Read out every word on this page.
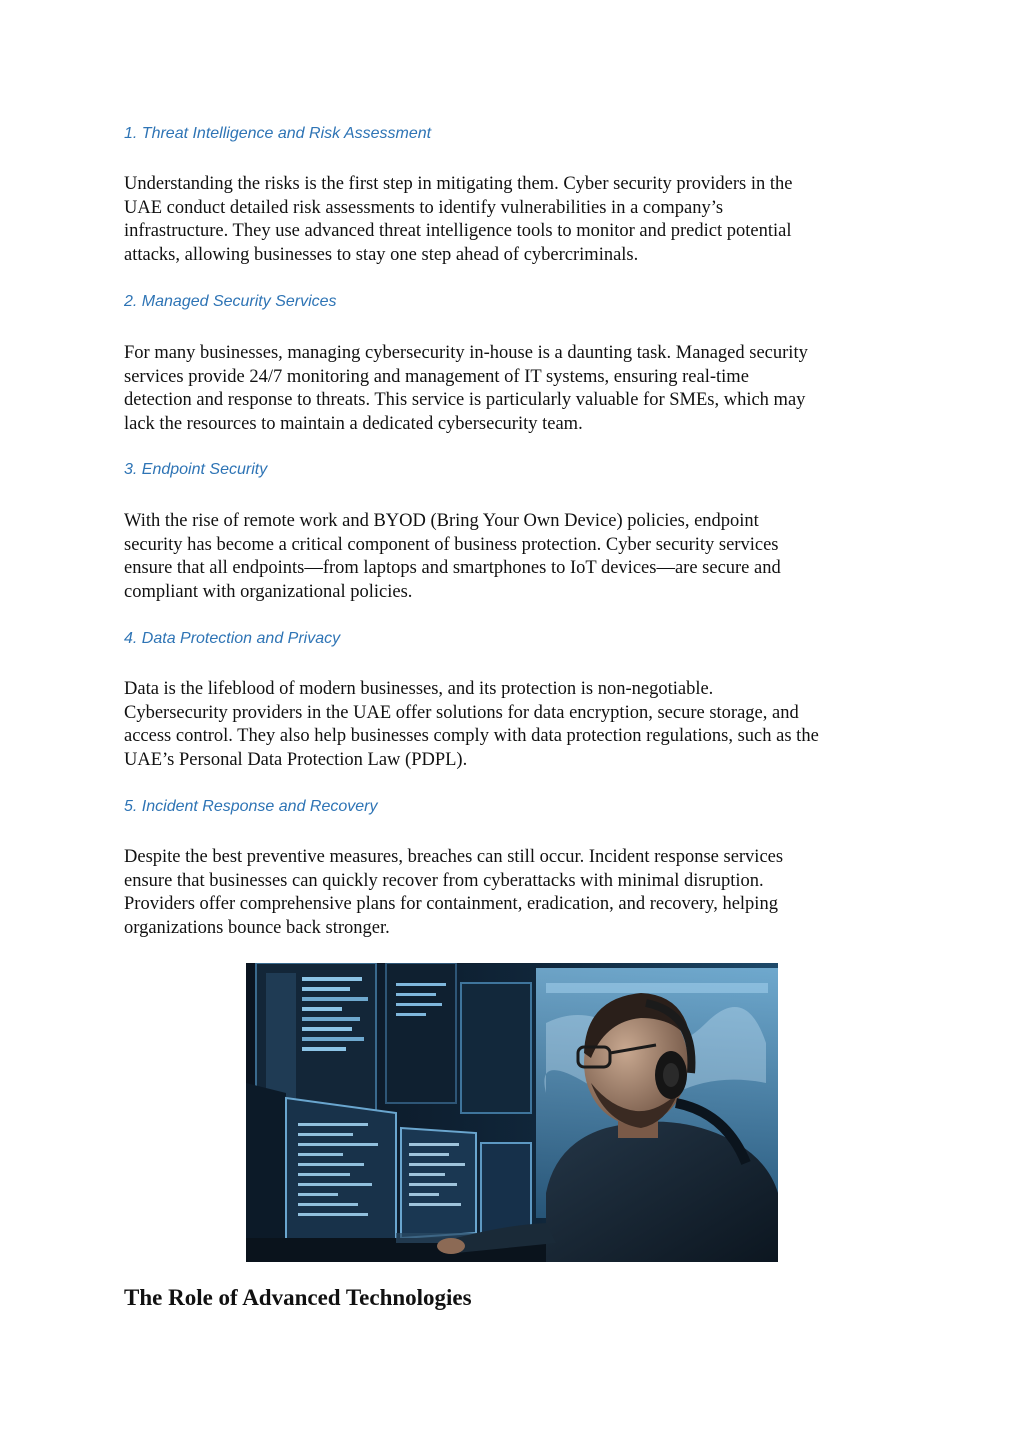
1. Threat Intelligence and Risk Assessment

Understanding the risks is the first step in mitigating them. Cyber security providers in the
UAE conduct detailed risk assessments to identify vulnerabilities in a company’s
infrastructure. They use advanced threat intelligence tools to monitor and predict potential
attacks, allowing businesses to stay one step ahead of cybercriminals.

2. Managed Security Services

For many businesses, managing cybersecurity in-house is a daunting task. Managed security
services provide 24/7 monitoring and management of IT systems, ensuring real-time
detection and response to threats. This service is particularly valuable for SMEs, which may
lack the resources to maintain a dedicated cybersecurity team.

3. Endpoint Security

With the rise of remote work and BYOD (Bring Your Own Device) policies, endpoint
security has become a critical component of business protection. Cyber security services
ensure that all endpoints—from laptops and smartphones to IoT devices—are secure and
compliant with organizational policies.

4. Data Protection and Privacy

Data is the lifeblood of modern businesses, and its protection is non-negotiable.
Cybersecurity providers in the UAE offer solutions for data encryption, secure storage, and
access control. They also help businesses comply with data protection regulations, such as the
UAE’s Personal Data Protection Law (PDPL).

5. Incident Response and Recovery

Despite the best preventive measures, breaches can still occur. Incident response services
ensure that businesses can quickly recover from cyberattacks with minimal disruption.
Providers offer comprehensive plans for containment, eradication, and recovery, helping
organizations bounce back stronger.
The Role of Advanced Technologies
